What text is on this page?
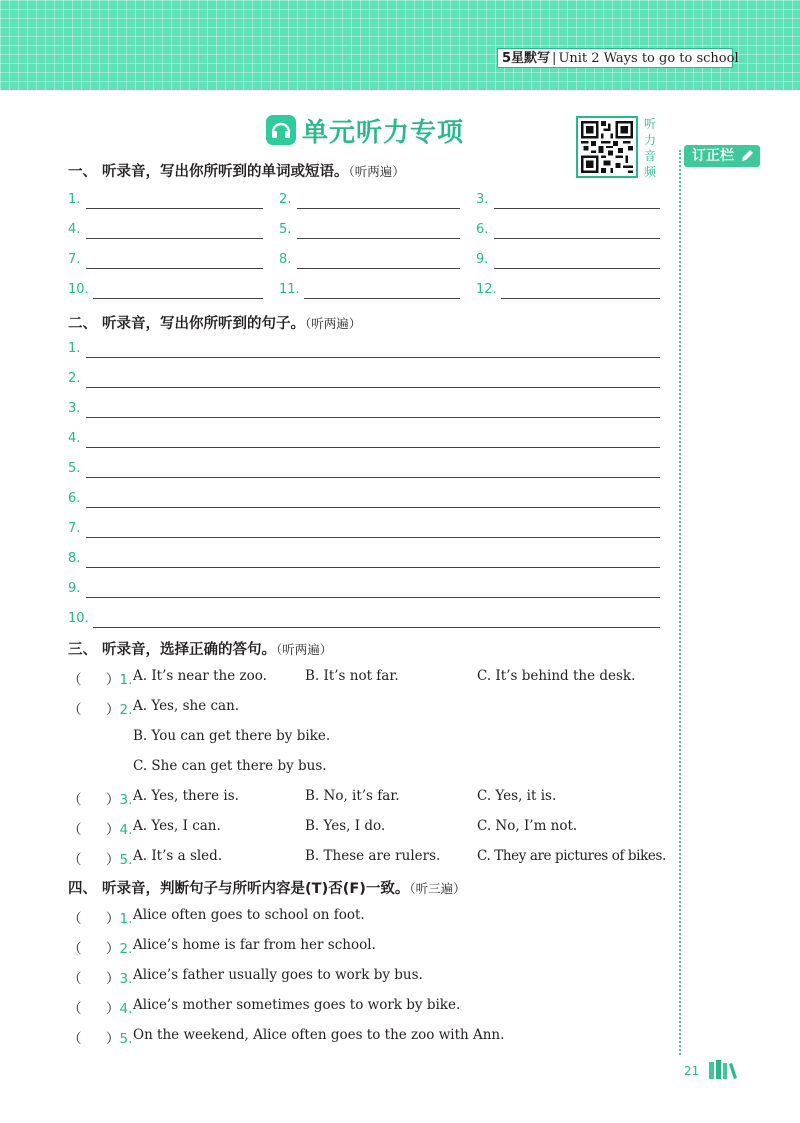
5星默写 | Unit 2 Ways to go to school
单元听力专项	听力音频
订正栏
一、 听录音，写出你所听到的单词或短语。（听两遍）
1.	2.	3.
4.	5.	6.
7.	8.	9.
10.	11.	12.
二、 听录音，写出你所听到的句子。（听两遍）
1.
2.
3.
4.
5.
6.
7.
8.
9.
10.
三、 听录音，选择正确的答句。（听两遍）
（ ）1. A. It’s near the zoo.	B. It’s not far.	C. It’s behind the desk.
（ ）2. A. Yes, she can.
B. You can get there by bike.
C. She can get there by bus.
（ ）3. A. Yes, there is.	B. No, it’s far.	C. Yes, it is.
（ ）4. A. Yes, I can.	B. Yes, I do.	C. No, I’m not.
（ ）5. A. It’s a sled.	B. These are rulers.	C. They are pictures of bikes.
四、 听录音，判断句子与所听内容是(T)否(F)一致。（听三遍）
（ ）1. Alice often goes to school on foot.
（ ）2. Alice’s home is far from her school.
（ ）3. Alice’s father usually goes to work by bus.
（ ）4. Alice’s mother sometimes goes to work by bike.
（ ）5. On the weekend, Alice often goes to the zoo with Ann.
21
